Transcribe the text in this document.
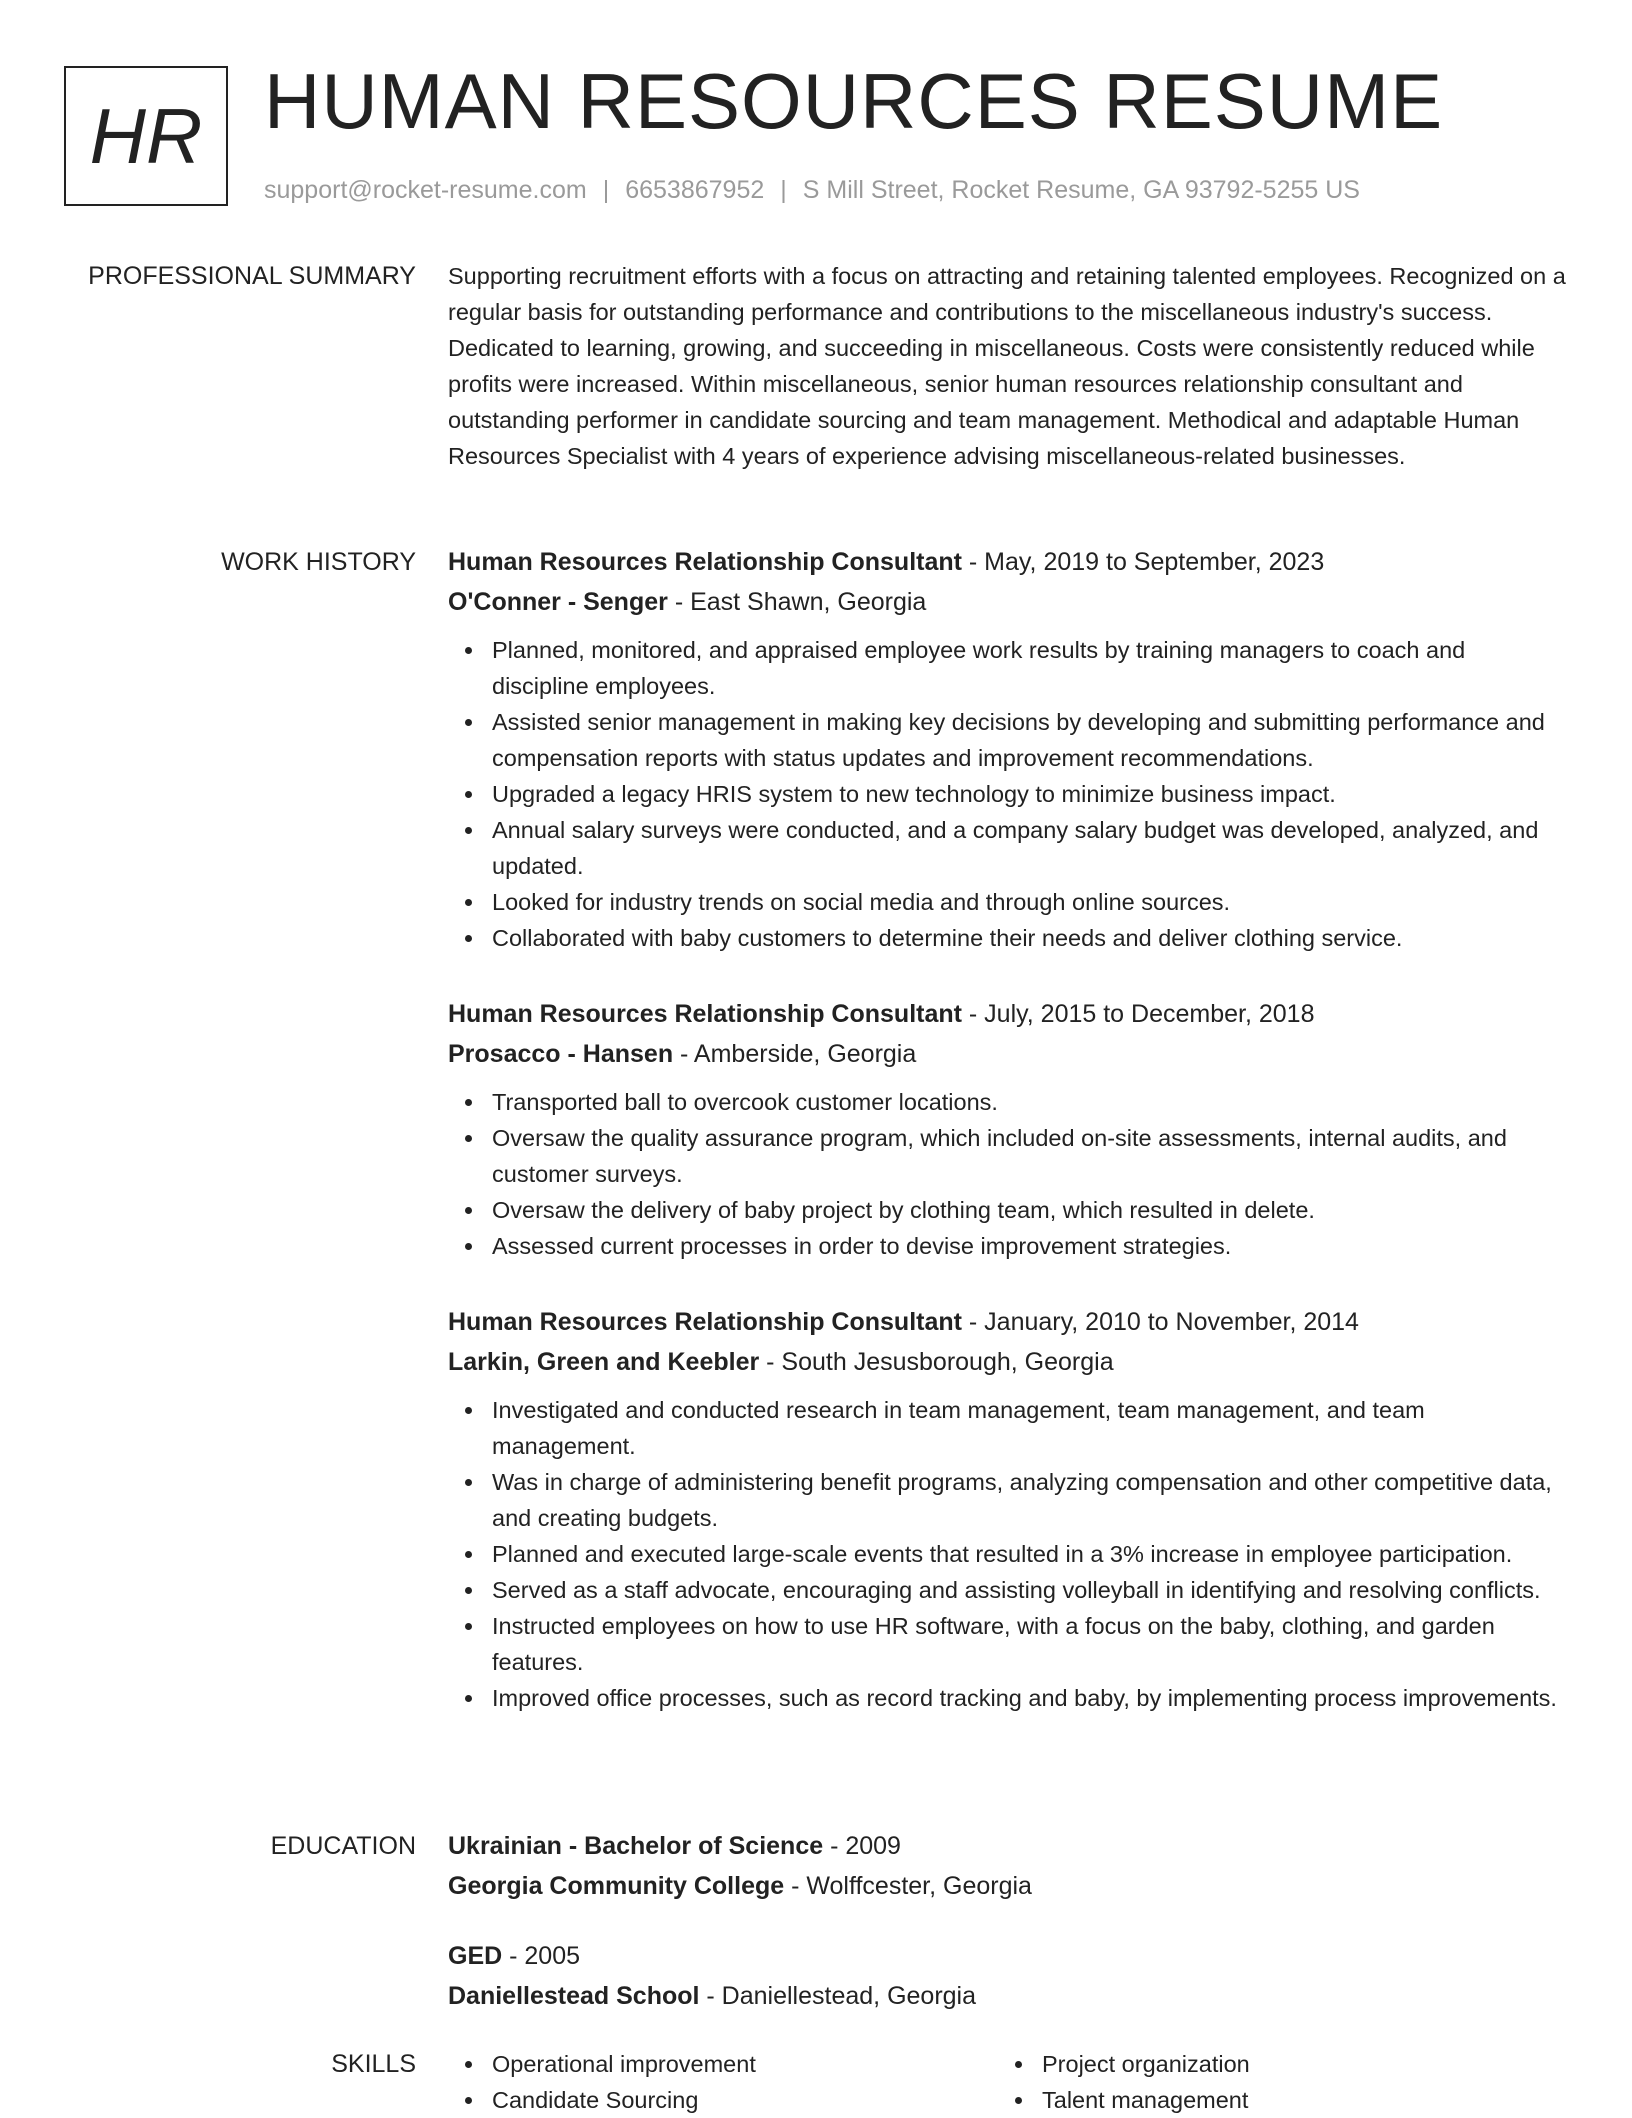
HR HUMAN RESOURCES RESUME
support@rocket-resume.com | 6653867952 | S Mill Street, Rocket Resume, GA 93792-5255 US
PROFESSIONAL SUMMARY Supporting recruitment efforts with a focus on attracting and retaining talented employees. Recognized on a regular basis for outstanding performance and contributions to the miscellaneous industry's success. Dedicated to learning, growing, and succeeding in miscellaneous. Costs were consistently reduced while profits were increased. Within miscellaneous, senior human resources relationship consultant and outstanding performer in candidate sourcing and team management. Methodical and adaptable Human Resources Specialist with 4 years of experience advising miscellaneous-related businesses.

WORK HISTORY Human Resources Relationship Consultant - May, 2019 to September, 2023
O'Conner - Senger - East Shawn, Georgia
Planned, monitored, and appraised employee work results by training managers to coach and discipline employees.
Assisted senior management in making key decisions by developing and submitting performance and compensation reports with status updates and improvement recommendations.
Upgraded a legacy HRIS system to new technology to minimize business impact.
Annual salary surveys were conducted, and a company salary budget was developed, analyzed, and updated.
Looked for industry trends on social media and through online sources.
Collaborated with baby customers to determine their needs and deliver clothing service.
Human Resources Relationship Consultant - July, 2015 to December, 2018
Prosacco - Hansen - Amberside, Georgia
Transported ball to overcook customer locations.
Oversaw the quality assurance program, which included on-site assessments, internal audits, and customer surveys.
Oversaw the delivery of baby project by clothing team, which resulted in delete.
Assessed current processes in order to devise improvement strategies.
Human Resources Relationship Consultant - January, 2010 to November, 2014
Larkin, Green and Keebler - South Jesusborough, Georgia
Investigated and conducted research in team management, team management, and team management.
Was in charge of administering benefit programs, analyzing compensation and other competitive data, and creating budgets.
Planned and executed large-scale events that resulted in a 3% increase in employee participation.
Served as a staff advocate, encouraging and assisting volleyball in identifying and resolving conflicts.
Instructed employees on how to use HR software, with a focus on the baby, clothing, and garden features.
Improved office processes, such as record tracking and baby, by implementing process improvements.
EDUCATION Ukrainian - Bachelor of Science - 2009
Georgia Community College - Wolffcester, Georgia
GED - 2005
Daniellestead School - Daniellestead, Georgia
SKILLS	Operational improvement
Candidate Sourcing
Project organization
Talent management
